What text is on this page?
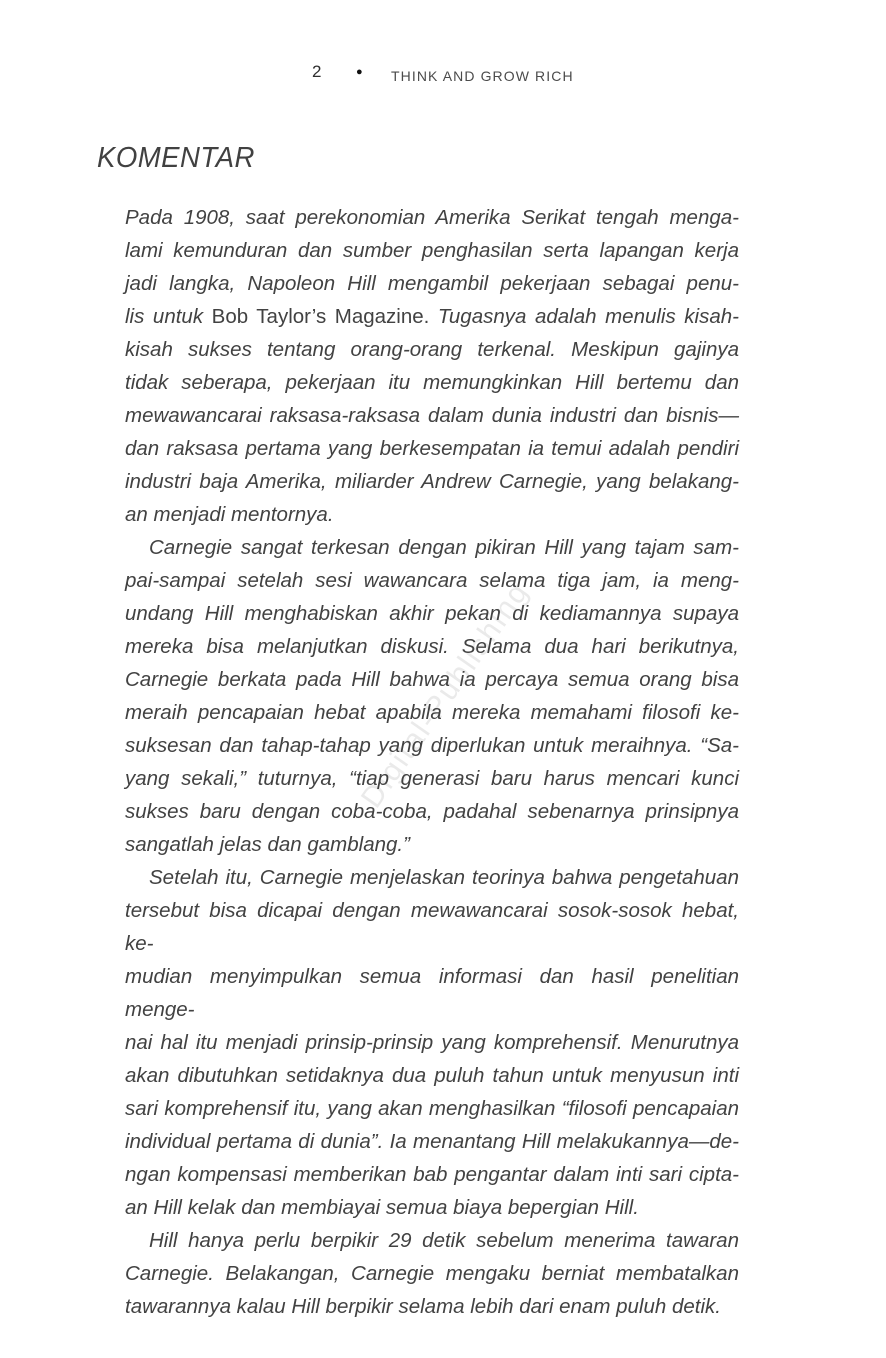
2	● THINK AND GROW RICH
Digital-Publishing
KOMENTAR
Pada 1908, saat perekonomian Amerika Serikat tengah menga-
lami kemunduran dan sumber penghasilan serta lapangan kerja
jadi langka, Napoleon Hill mengambil pekerjaan sebagai penu-
lis untuk Bob Taylor’s Magazine. Tugasnya adalah menulis kisah-
kisah sukses tentang orang-orang terkenal. Meskipun gajinya
tidak seberapa, pekerjaan itu memungkinkan Hill bertemu dan
mewawancarai raksasa-raksasa dalam dunia industri dan bisnis—
dan raksasa pertama yang berkesempatan ia temui adalah pendiri
industri baja Amerika, miliarder Andrew Carnegie, yang belakang-
an menjadi mentornya.
Carnegie sangat terkesan dengan pikiran Hill yang tajam sam-
pai-sampai setelah sesi wawancara selama tiga jam, ia meng-
undang Hill menghabiskan akhir pekan di kediamannya supaya
mereka bisa melanjutkan diskusi. Selama dua hari berikutnya,
Carnegie berkata pada Hill bahwa ia percaya semua orang bisa
meraih pencapaian hebat apabila mereka memahami filosofi ke-
suksesan dan tahap-tahap yang diperlukan untuk meraihnya. “Sa-
yang sekali,” tuturnya, “tiap generasi baru harus mencari kunci
sukses baru dengan coba-coba, padahal sebenarnya prinsipnya
sangatlah jelas dan gamblang.”
Setelah itu, Carnegie menjelaskan teorinya bahwa pengetahuan
tersebut bisa dicapai dengan mewawancarai sosok-sosok hebat, ke-
mudian menyimpulkan semua informasi dan hasil penelitian menge-
nai hal itu menjadi prinsip-prinsip yang komprehensif. Menurutnya
akan dibutuhkan setidaknya dua puluh tahun untuk menyusun inti
sari komprehensif itu, yang akan menghasilkan “filosofi pencapaian
individual pertama di dunia”. Ia menantang Hill melakukannya—de-
ngan kompensasi memberikan bab pengantar dalam inti sari cipta-
an Hill kelak dan membiayai semua biaya bepergian Hill.
Hill hanya perlu berpikir 29 detik sebelum menerima tawaran
Carnegie. Belakangan, Carnegie mengaku berniat membatalkan
tawarannya kalau Hill berpikir selama lebih dari enam puluh detik.
